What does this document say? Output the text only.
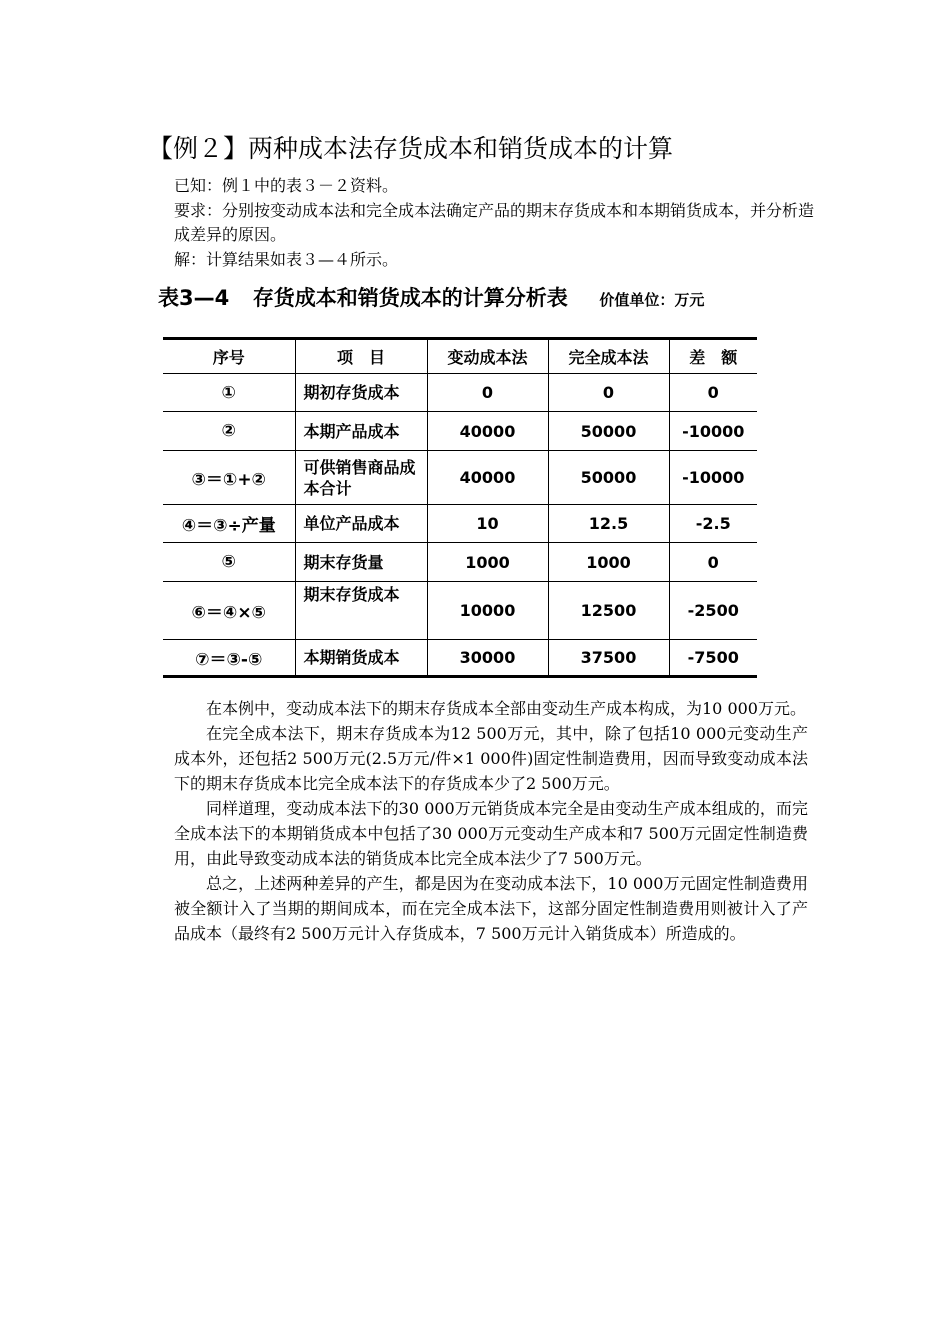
【例２】两种成本法存货成本和销货成本的计算

已知：例１中的表３－２资料。

要求：分别按变动成本法和完全成本法确定产品的期末存货成本和本期销货成本，并分析造成差异的原因。

解：计算结果如表３—４所示。

表3—4 存货成本和销货成本的计算分析表 价值单位：万元
序号	项　目	变动成本法	完全成本法	差　额
①	期初存货成本	0	0	0
②	本期产品成本	40000	50000	-10000
③＝①+②	可供销售商品成本合计	40000	50000	-10000
④＝③÷产量	单位产品成本	10	12.5	-2.5
⑤	期末存货量	1000	1000	0
⑥＝④×⑤	期末存货成本	10000	12500	-2500
⑦＝③-⑤	本期销货成本	30000	37500	-7500

在本例中，变动成本法下的期末存货成本全部由变动生产成本构成，为10 000万元。

在完全成本法下，期末存货成本为12 500万元，其中，除了包括10 000元变动生产成本外，还包括2 500万元(2.5万元/件×1 000件)固定性制造费用，因而导致变动成本法下的期末存货成本比完全成本法下的存货成本少了2 500万元。

同样道理，变动成本法下的30 000万元销货成本完全是由变动生产成本组成的，而完全成本法下的本期销货成本中包括了30 000万元变动生产成本和7 500万元固定性制造费用，由此导致变动成本法的销货成本比完全成本法少了7 500万元。

总之，上述两种差异的产生，都是因为在变动成本法下，10 000万元固定性制造费用被全额计入了当期的期间成本，而在完全成本法下，这部分固定性制造费用则被计入了产品成本（最终有2 500万元计入存货成本，7 500万元计入销货成本）所造成的。
